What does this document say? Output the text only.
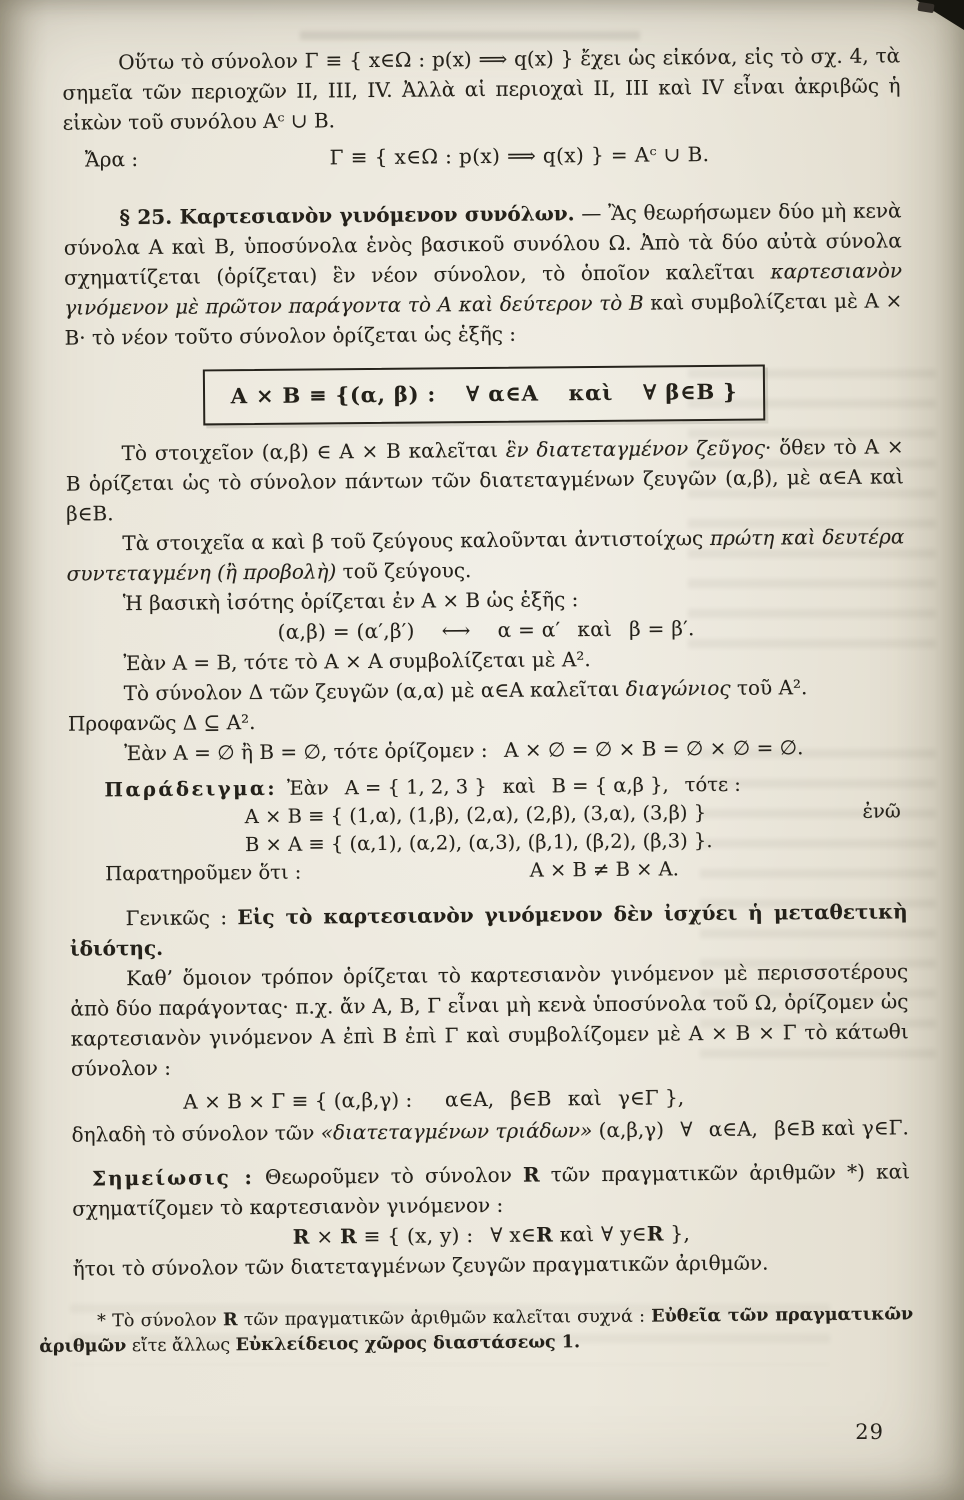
Οὕτω τὸ σύνολον Γ ≡ { x∈Ω : p(x) ⟹ q(x) } ἔχει ὡς εἰκόνα, εἰς τὸ σχ. 4, τὰ σημεῖα τῶν περιοχῶν II, III, IV. Ἀλλὰ αἱ περιοχαὶ II, III καὶ IV εἶναι ἀκριβῶς ἡ εἰκὼν τοῦ συνόλου Aᶜ ∪ B.

Ἄρα :	Γ ≡ { x∈Ω : p(x) ⟹ q(x) } = Aᶜ ∪ B.

§ 25. Καρτεσιανὸν γινόμενον συνόλων. — Ἂς θεωρήσωμεν δύο μὴ κενὰ σύνολα A καὶ B, ὑποσύνολα ἑνὸς βασικοῦ συνόλου Ω. Ἀπὸ τὰ δύο αὐτὰ σύνολα σχηματίζεται (ὁρίζεται) ἓν νέον σύνολον, τὸ ὁποῖον καλεῖται καρτεσιανὸν γινόμενον μὲ πρῶτον παράγοντα τὸ A καὶ δεύτερον τὸ B καὶ συμβολίζεται μὲ A × B· τὸ νέον τοῦτο σύνολον ὁρίζεται ὡς ἑξῆς :

A × B ≡ {(α, β) :  ∀ α∈A  καὶ  ∀ β∈B }

Τὸ στοιχεῖον (α,β) ∈ A × B καλεῖται ἓν διατεταγμένον ζεῦγος· ὅθεν τὸ A × B ὁρίζεται ὡς τὸ σύνολον πάντων τῶν διατεταγμένων ζευγῶν (α,β), μὲ α∈A καὶ β∈B.

Τὰ στοιχεῖα α καὶ β τοῦ ζεύγους καλοῦνται ἀντιστοίχως πρώτη καὶ δευτέρα συντεταγμένη (ἢ προβολὴ) τοῦ ζεύγους.

Ἡ βασικὴ ἰσότης ὁρίζεται ἐν A × B ὡς ἑξῆς :

(α,β) = (α′,β′)  ⟷  α = α′  καὶ  β = β′.

Ἐὰν A = B, τότε τὸ A × A συμβολίζεται μὲ A².

Τὸ σύνολον Δ τῶν ζευγῶν (α,α) μὲ α∈A καλεῖται διαγώνιος τοῦ A².

Προφανῶς Δ ⊆ A².

Ἐὰν A = ∅ ἢ B = ∅, τότε ὁρίζομεν :  A × ∅ = ∅ × B = ∅ × ∅ = ∅.

Παράδειγμα: Ἐὰν  A = { 1, 2, 3 }  καὶ  B = { α,β },  τότε :

A × B ≡ { (1,α), (1,β), (2,α), (2,β), (3,α), (3,β) }	ἐνῶ

B × A ≡ { (α,1), (α,2), (α,3), (β,1), (β,2), (β,3) }.

Παρατηροῦμεν ὅτι :	A × B ≠ B × A.

Γενικῶς : Εἰς τὸ καρτεσιανὸν γινόμενον δὲν ἰσχύει ἡ μεταθετικὴ ἰδιότης.

Καθ’ ὅμοιον τρόπον ὁρίζεται τὸ καρτεσιανὸν γινόμενον μὲ περισσοτέρους ἀπὸ δύο παράγοντας· π.χ. ἄν A, B, Γ εἶναι μὴ κενὰ ὑποσύνολα τοῦ Ω, ὁρίζομεν ὡς καρτεσιανὸν γινόμενον A ἐπὶ B ἐπὶ Γ καὶ συμβολίζομεν μὲ A × B × Γ τὸ κάτωθι σύνολον :

A × B × Γ ≡ { (α,β,γ) :   α∈A,  β∈B  καὶ  γ∈Γ },

δηλαδὴ τὸ σύνολον τῶν «διατεταγμένων τριάδων» (α,β,γ)  ∀  α∈A,  β∈B καὶ γ∈Γ.

Σημείωσις : Θεωροῦμεν τὸ σύνολον R τῶν πραγματικῶν ἀριθμῶν *) καὶ σχηματίζομεν τὸ καρτεσιανὸν γινόμενον :

R × R ≡ { (x, y) :  ∀ x∈R καὶ ∀ y∈R },

ἤτοι τὸ σύνολον τῶν διατεταγμένων ζευγῶν πραγματικῶν ἀριθμῶν.

* Τὸ σύνολον R τῶν πραγματικῶν ἀριθμῶν καλεῖται συχνά : Εὐθεῖα τῶν πραγματικῶν ἀριθμῶν εἴτε ἄλλως Εὐκλείδειος χῶρος διαστάσεως 1.

29
